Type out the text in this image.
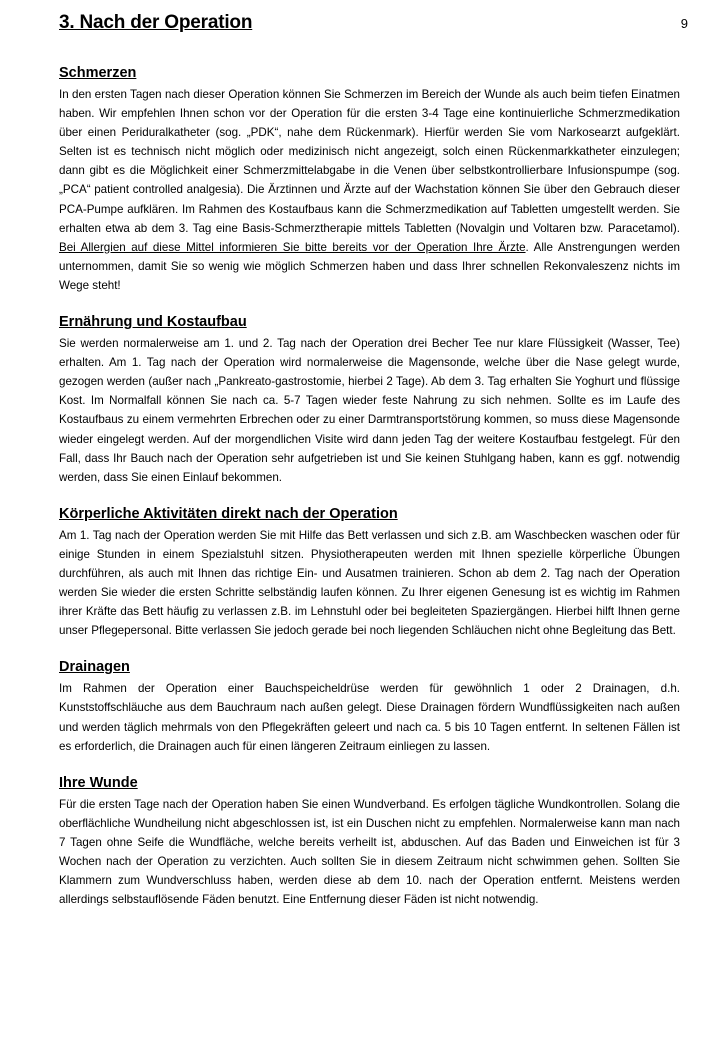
3. Nach der Operation	9
Schmerzen

In den ersten Tagen nach dieser Operation können Sie Schmerzen im Bereich der Wunde als auch beim tiefen Einatmen haben. Wir empfehlen Ihnen schon vor der Operation für die ersten 3-4 Tage eine kontinuierliche Schmerzmedikation über einen Periduralkatheter (sog. „PDK“, nahe dem Rückenmark). Hierfür werden Sie vom Narkosearzt aufgeklärt. Selten ist es technisch nicht möglich oder medizinisch nicht angezeigt, solch einen Rückenmarkkatheter einzulegen; dann gibt es die Möglichkeit einer Schmerzmittelabgabe in die Venen über selbstkontrollierbare Infusionspumpe (sog. „PCA“ patient controlled analgesia). Die Ärztinnen und Ärzte auf der Wachstation können Sie über den Gebrauch dieser PCA-Pumpe aufklären. Im Rahmen des Kostaufbaus kann die Schmerzmedikation auf Tabletten umgestellt werden. Sie erhalten etwa ab dem 3. Tag eine Basis-Schmerztherapie mittels Tabletten (Novalgin und Voltaren bzw. Paracetamol). Bei Allergien auf diese Mittel informieren Sie bitte bereits vor der Operation Ihre Ärzte. Alle Anstrengungen werden unternommen, damit Sie so wenig wie möglich Schmerzen haben und dass Ihrer schnellen Rekonvaleszenz nichts im Wege steht!

Ernährung und Kostaufbau

Sie werden normalerweise am 1. und 2. Tag nach der Operation drei Becher Tee nur klare Flüssigkeit (Wasser, Tee) erhalten. Am 1. Tag nach der Operation wird normalerweise die Magensonde, welche über die Nase gelegt wurde, gezogen werden (außer nach „Pankreato-gastrostomie, hierbei 2 Tage). Ab dem 3. Tag erhalten Sie Yoghurt und flüssige Kost. Im Normalfall können Sie nach ca. 5-7 Tagen wieder feste Nahrung zu sich nehmen. Sollte es im Laufe des Kostaufbaus zu einem vermehrten Erbrechen oder zu einer Darmtransportstörung kommen, so muss diese Magensonde wieder eingelegt werden. Auf der morgendlichen Visite wird dann jeden Tag der weitere Kostaufbau festgelegt. Für den Fall, dass Ihr Bauch nach der Operation sehr aufgetrieben ist und Sie keinen Stuhlgang haben, kann es ggf. notwendig werden, dass Sie einen Einlauf bekommen.

Körperliche Aktivitäten direkt nach der Operation

Am 1. Tag nach der Operation werden Sie mit Hilfe das Bett verlassen und sich z.B. am Waschbecken waschen oder für einige Stunden in einem Spezialstuhl sitzen. Physiotherapeuten werden mit Ihnen spezielle körperliche Übungen durchführen, als auch mit Ihnen das richtige Ein- und Ausatmen trainieren. Schon ab dem 2. Tag nach der Operation werden Sie wieder die ersten Schritte selbständig laufen können. Zu Ihrer eigenen Genesung ist es wichtig im Rahmen ihrer Kräfte das Bett häufig zu verlassen z.B. im Lehnstuhl oder bei begleiteten Spaziergängen. Hierbei hilft Ihnen gerne unser Pflegepersonal. Bitte verlassen Sie jedoch gerade bei noch liegenden Schläuchen nicht ohne Begleitung das Bett.

Drainagen

Im Rahmen der Operation einer Bauchspeicheldrüse werden für gewöhnlich 1 oder 2 Drainagen, d.h. Kunststoffschläuche aus dem Bauchraum nach außen gelegt. Diese Drainagen fördern Wundflüssigkeiten nach außen und werden täglich mehrmals von den Pflegekräften geleert und nach ca. 5 bis 10 Tagen entfernt. In seltenen Fällen ist es erforderlich, die Drainagen auch für einen längeren Zeitraum einliegen zu lassen.

Ihre Wunde

Für die ersten Tage nach der Operation haben Sie einen Wundverband. Es erfolgen tägliche Wundkontrollen. Solang die oberflächliche Wundheilung nicht abgeschlossen ist, ist ein Duschen nicht zu empfehlen. Normalerweise kann man nach 7 Tagen ohne Seife die Wundfläche, welche bereits verheilt ist, abduschen. Auf das Baden und Einweichen ist für 3 Wochen nach der Operation zu verzichten. Auch sollten Sie in diesem Zeitraum nicht schwimmen gehen. Sollten Sie Klammern zum Wundverschluss haben, werden diese ab dem 10. nach der Operation entfernt. Meistens werden allerdings selbstauflösende Fäden benutzt. Eine Entfernung dieser Fäden ist nicht notwendig.
